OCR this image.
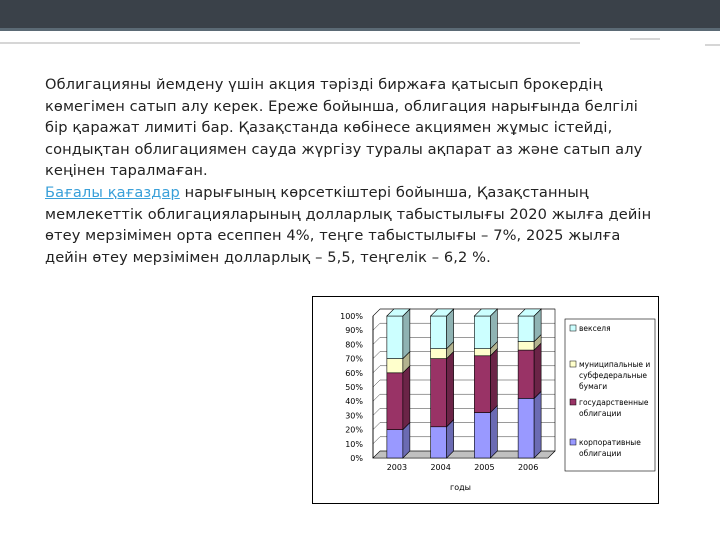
Облигацияны йемдену үшін акция тәрізді биржаға қатысып брокердің
көмегімен сатып алу керек. Ереже бойынша, облигация нарығында белгілі
бір қаражат лимиті бар. Қазақстанда көбінесе акциямен жұмыс істейді,
сондықтан облигациямен сауда жүргізу туралы ақпарат аз және сатып алу
кеңінен таралмаған.
Бағалы қағаздар нарығының көрсеткіштері бойынша, Қазақстанның
мемлекеттік облигацияларының долларлық табыстылығы 2020 жылға дейін
өтеу мерзімімен орта есеппен 4%, теңге табыстылығы – 7%, 2025 жылға
дейін өтеу мерзімімен долларлық – 5,5, теңгелік – 6,2 %.
0%
10%
20%
30%
40%
50%
60%
70%
80%
90%
100%
2003	2004	2005	2006
годы
векселя
муниципальные и
субфедеральные
бумаги
государственные
облигации
корпоративные
облигации
